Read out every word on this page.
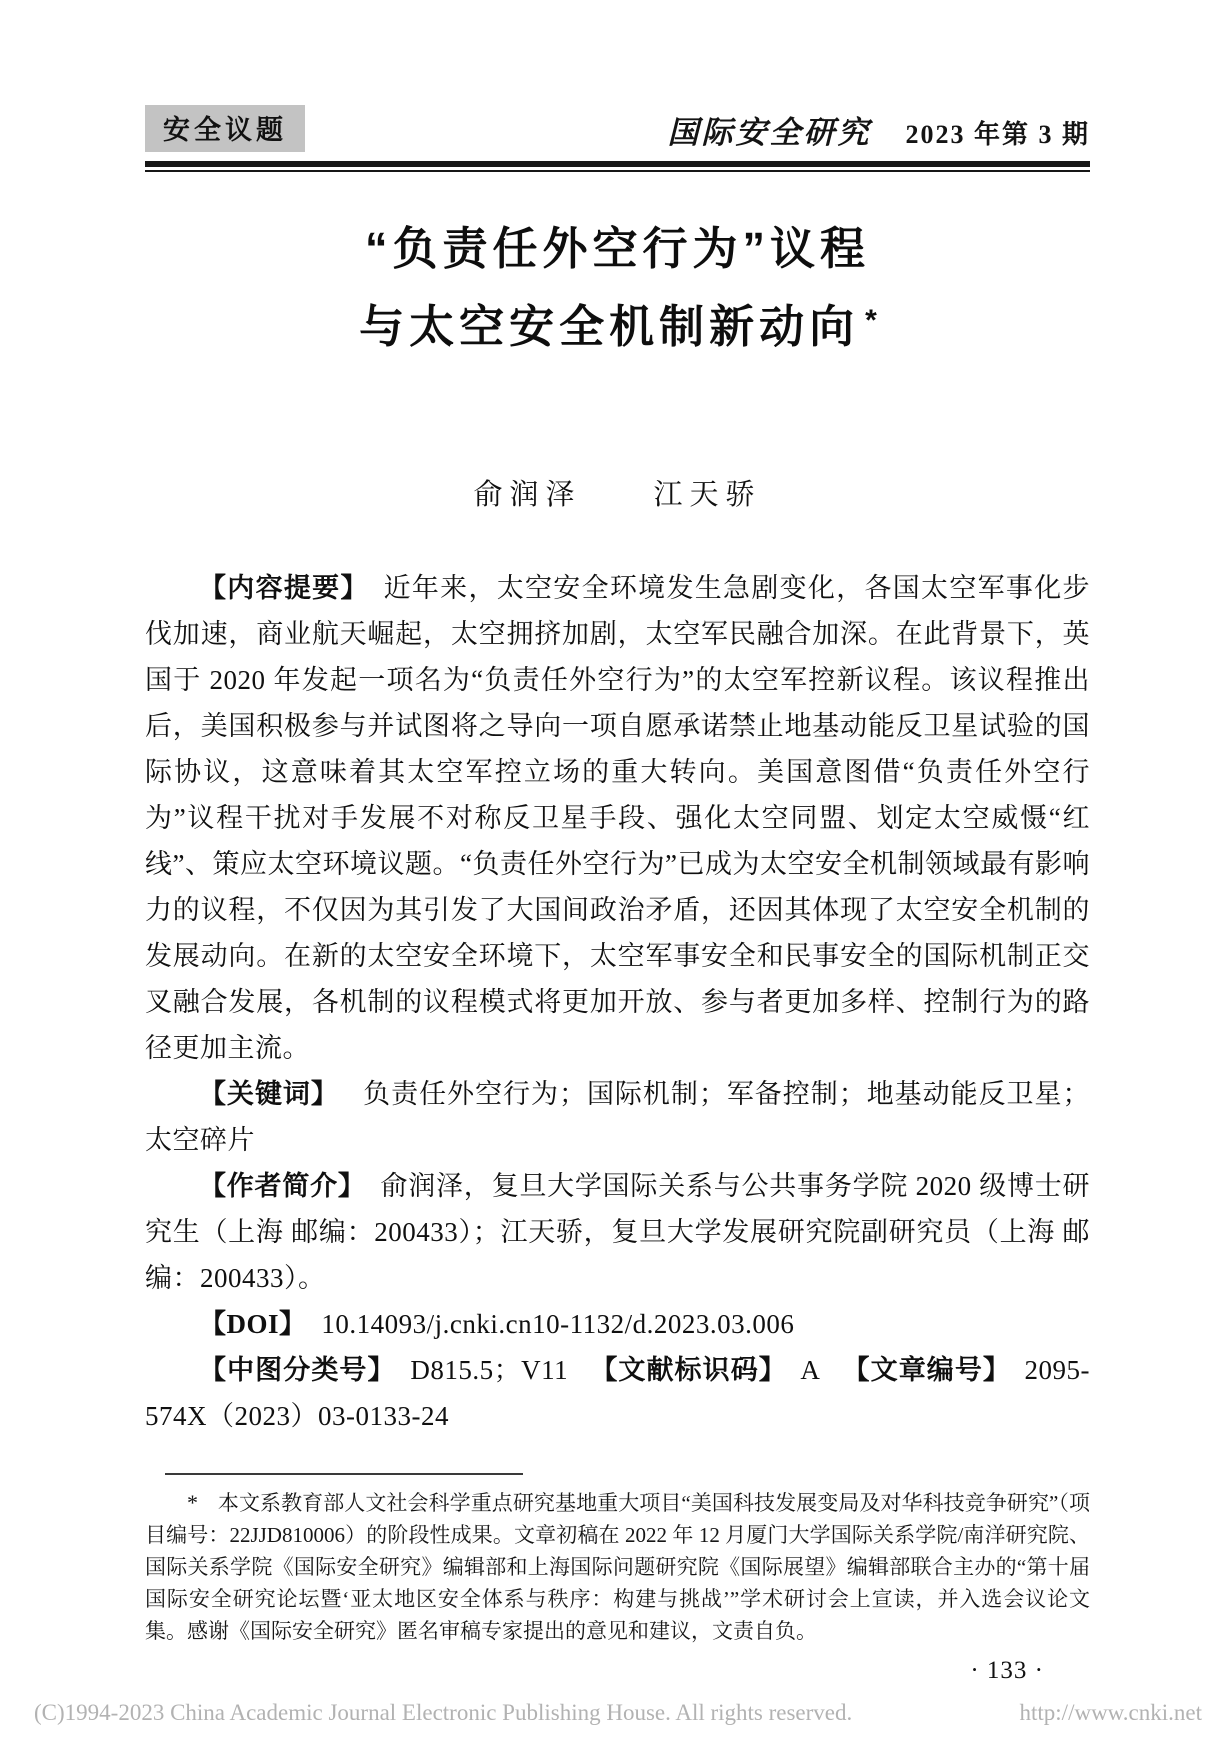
安全议题	国际安全研究 2023 年第 3 期
“负责任外空行为”议程
与太空安全机制新动向 *
俞润泽　　江天骄

【内容提要】 近年来，太空安全环境发生急剧变化，各国太空军事化步伐加速，商业航天崛起，太空拥挤加剧，太空军民融合加深。在此背景下，英国于 2020 年发起一项名为“负责任外空行为”的太空军控新议程。该议程推出后，美国积极参与并试图将之导向一项自愿承诺禁止地基动能反卫星试验的国际协议，这意味着其太空军控立场的重大转向。美国意图借“负责任外空行为”议程干扰对手发展不对称反卫星手段、强化太空同盟、划定太空威慑“红线”、策应太空环境议题。“负责任外空行为”已成为太空安全机制领域最有影响力的议程，不仅因为其引发了大国间政治矛盾，还因其体现了太空安全机制的发展动向。在新的太空安全环境下，太空军事安全和民事安全的国际机制正交叉融合发展，各机制的议程模式将更加开放、参与者更加多样、控制行为的路径更加主流。

【关键词】 负责任外空行为；国际机制；军备控制；地基动能反卫星；太空碎片

【作者简介】 俞润泽，复旦大学国际关系与公共事务学院 2020 级博士研究生（上海 邮编：200433）；江天骄，复旦大学发展研究院副研究员（上海 邮编：200433）。

【DOI】 10.14093/j.cnki.cn10-1132/d.2023.03.006

【中图分类号】 D815.5；V11 【文献标识码】 A 【文章编号】 2095-574X（2023）03-0133-24

* 本文系教育部人文社会科学重点研究基地重大项目“美国科技发展变局及对华科技竞争研究”（项目编号：22JJD810006）的阶段性成果。文章初稿在 2022 年 12 月厦门大学国际关系学院/南洋研究院、国际关系学院《国际安全研究》编辑部和上海国际问题研究院《国际展望》编辑部联合主办的“第十届国际安全研究论坛暨‘亚太地区安全体系与秩序：构建与挑战’”学术研讨会上宣读，并入选会议论文集。感谢《国际安全研究》匿名审稿专家提出的意见和建议，文责自负。

· 133 ·
(C)1994-2023 China Academic Journal Electronic Publishing House. All rights reserved.	http://www.cnki.net
